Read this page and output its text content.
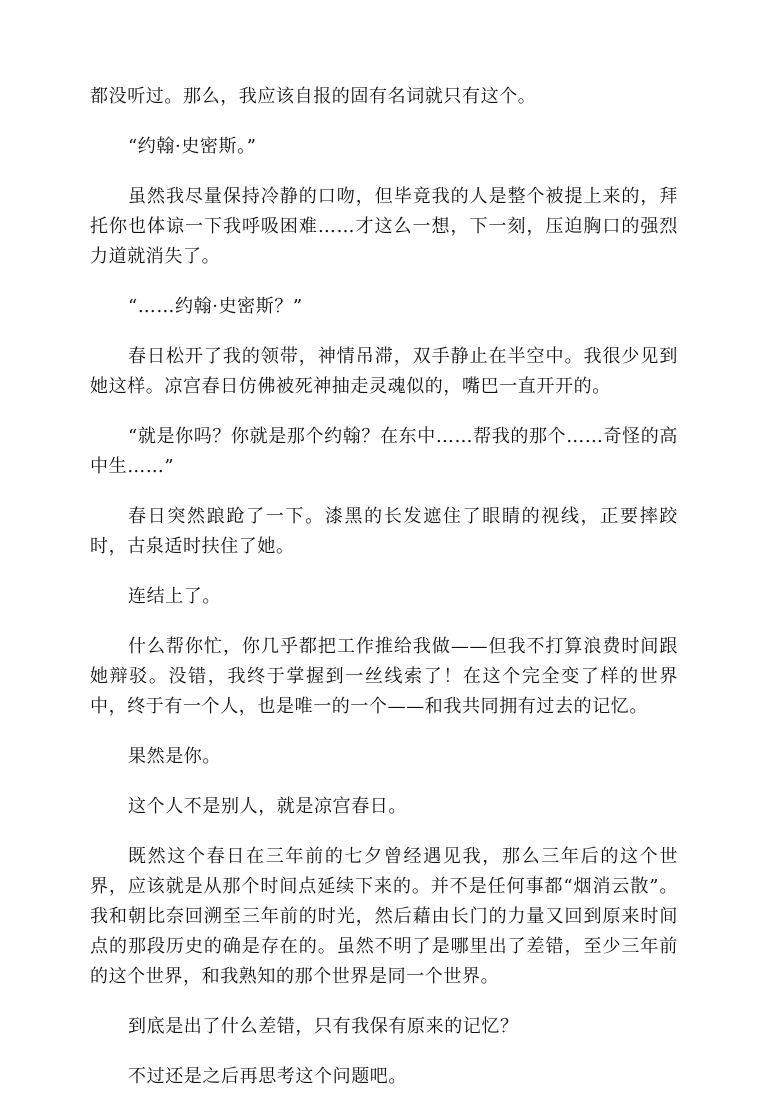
都没听过。那么，我应该自报的固有名词就只有这个。

“约翰·史密斯。”

虽然我尽量保持冷静的口吻，但毕竟我的人是整个被提上来的，拜托你也体谅一下我呼吸困难……才这么一想，下一刻，压迫胸口的强烈力道就消失了。

“……约翰·史密斯？”

春日松开了我的领带，神情吊滞，双手静止在半空中。我很少见到她这样。凉宫春日仿佛被死神抽走灵魂似的，嘴巴一直开开的。

“就是你吗？你就是那个约翰？在东中……帮我的那个……奇怪的高中生……”

春日突然踉跄了一下。漆黑的长发遮住了眼睛的视线，正要摔跤时，古泉适时扶住了她。

连结上了。

什么帮你忙，你几乎都把工作推给我做——但我不打算浪费时间跟她辩驳。没错，我终于掌握到一丝线索了！在这个完全变了样的世界中，终于有一个人，也是唯一的一个——和我共同拥有过去的记忆。

果然是你。

这个人不是别人，就是凉宫春日。

既然这个春日在三年前的七夕曾经遇见我，那么三年后的这个世界，应该就是从那个时间点延续下来的。并不是任何事都“烟消云散”。我和朝比奈回溯至三年前的时光，然后藉由长门的力量又回到原来时间点的那段历史的确是存在的。虽然不明了是哪里出了差错，至少三年前的这个世界，和我熟知的那个世界是同一个世界。

到底是出了什么差错，只有我保有原来的记忆？

不过还是之后再思考这个问题吧。
